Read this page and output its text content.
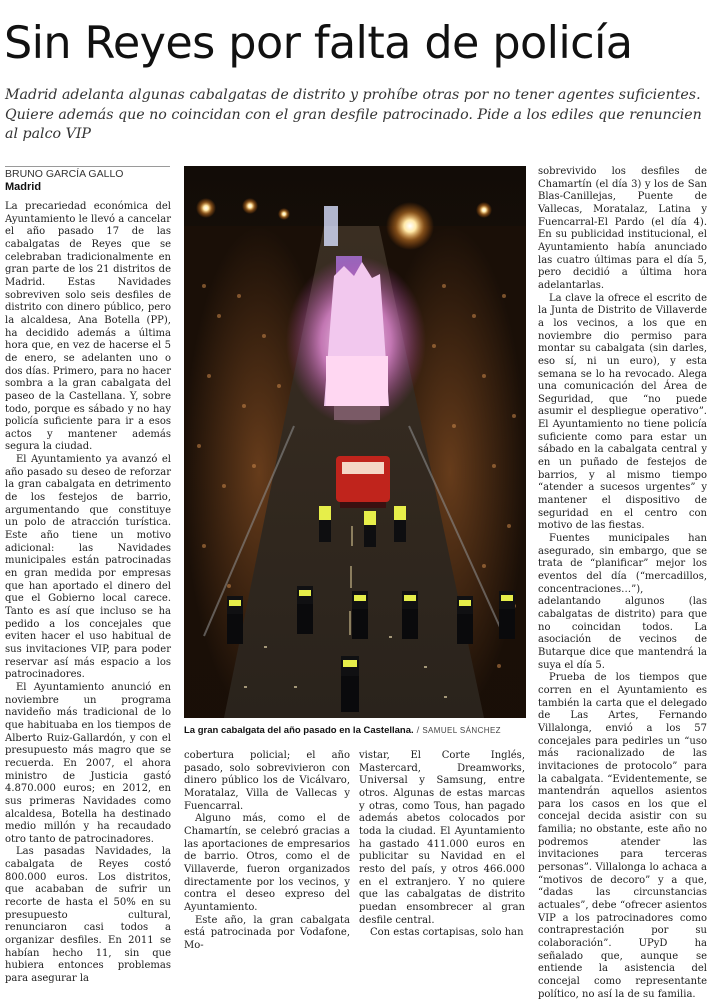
Sin Reyes por falta de policía

Madrid adelanta algunas cabalgatas de distrito y prohíbe otras por no tener agentes suficientes. Quiere además que no coincidan con el gran desfile patrocinado. Pide a los ediles que renuncien al palco VIP

BRUNO GARCÍA GALLO
Madrid

La precariedad económica del Ayuntamiento le llevó a cancelar el año pasado 17 de las cabalgatas de Reyes que se celebraban tradicionalmente en gran parte de los 21 distritos de Madrid. Estas Navidades sobreviven solo seis desfiles de distrito con dinero público, pero la alcaldesa, Ana Botella (PP), ha decidido además a última hora que, en vez de hacerse el 5 de enero, se adelanten uno o dos días. Primero, para no hacer sombra a la gran cabalgata del paseo de la Castellana. Y, sobre todo, porque es sábado y no hay policía suficiente para ir a esos actos y mantener además segura la ciudad.

El Ayuntamiento ya avanzó el año pasado su deseo de reforzar la gran cabalgata en detrimento de los festejos de barrio, argumentando que constituye un polo de atracción turística. Este año tiene un motivo adicional: las Navidades municipales están patrocinadas en gran medida por empresas que han aportado el dinero del que el Gobierno local carece. Tanto es así que incluso se ha pedido a los concejales que eviten hacer el uso habitual de sus invitaciones VIP, para poder reservar así más espacio a los patrocinadores.

El Ayuntamiento anunció en noviembre un programa navideño más tradicional de lo que habituaba en los tiempos de Alberto Ruiz-Gallardón, y con el presupuesto más magro que se recuerda. En 2007, el ahora ministro de Justicia gastó 4.870.000 euros; en 2012, en sus primeras Navidades como alcaldesa, Botella ha destinado medio millón y ha recaudado otro tanto de patrocinadores.

Las pasadas Navidades, la cabalgata de Reyes costó 800.000 euros. Los distritos, que acababan de sufrir un recorte de hasta el 50% en su presupuesto cultural, renunciaron casi todos a organizar desfiles. En 2011 se habían hecho 11, sin que hubiera entonces problemas para asegurar la

La gran cabalgata del año pasado en la Castellana. / SAMUEL SÁNCHEZ

cobertura policial; el año pasado, solo sobrevivieron con dinero público los de Vicálvaro, Moratalaz, Villa de Vallecas y Fuencarral.

Alguno más, como el de Chamartín, se celebró gracias a las aportaciones de empresarios de barrio. Otros, como el de Villaverde, fueron organizados directamente por los vecinos, y contra el deseo expreso del Ayuntamiento.

Este año, la gran cabalgata está patrocinada por Vodafone, Mo-

vistar, El Corte Inglés, Mastercard, Dreamworks, Universal y Samsung, entre otros. Algunas de estas marcas y otras, como Tous, han pagado además abetos colocados por toda la ciudad. El Ayuntamiento ha gastado 411.000 euros en publicitar su Navidad en el resto del país, y otros 466.000 en el extranjero. Y no quiere que las cabalgatas de distrito puedan ensombrecer al gran desfile central.

Con estas cortapisas, solo han

sobrevivido los desfiles de Chamartín (el día 3) y los de San Blas-Canillejas, Puente de Vallecas, Moratalaz, Latina y Fuencarral-El Pardo (el día 4). En su publicidad institucional, el Ayuntamiento había anunciado las cuatro últimas para el día 5, pero decidió a última hora adelantarlas.

La clave la ofrece el escrito de la Junta de Distrito de Villaverde a los vecinos, a los que en noviembre dio permiso para montar su cabalgata (sin darles, eso sí, ni un euro), y esta semana se lo ha revocado. Alega una comunicación del Área de Seguridad, que “no puede asumir el despliegue operativo”. El Ayuntamiento no tiene policía suficiente como para estar un sábado en la cabalgata central y en un puñado de festejos de barrios, y al mismo tiempo “atender a sucesos urgentes” y mantener el dispositivo de seguridad en el centro con motivo de las fiestas.

Fuentes municipales han asegurado, sin embargo, que se trata de “planificar” mejor los eventos del día (“mercadillos, concentraciones…”), adelantando algunos (las cabalgatas de distrito) para que no coincidan todos. La asociación de vecinos de Butarque dice que mantendrá la suya el día 5.

Prueba de los tiempos que corren en el Ayuntamiento es también la carta que el delegado de Las Artes, Fernando Villalonga, envió a los 57 concejales para pedirles un “uso más racionalizado de las invitaciones de protocolo” para la cabalgata. “Evidentemente, se mantendrán aquellos asientos para los casos en los que el concejal decida asistir con su familia; no obstante, este año no podremos atender las invitaciones para terceras personas”. Villalonga lo achaca a “motivos de decoro” y a que, “dadas las circunstancias actuales”, debe “ofrecer asientos VIP a los patrocinadores como contraprestación por su colaboración”. UPyD ha señalado que, aunque se entiende la asistencia del concejal como representante político, no así la de su familia.
